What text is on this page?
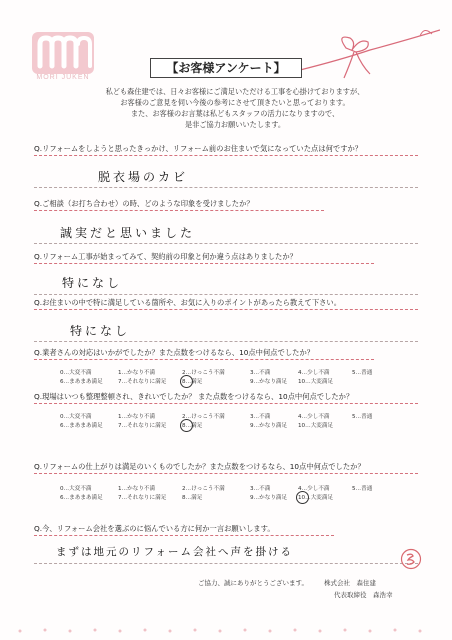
MORI JUKEN
【お客様アンケート】
私ども森住建では、日々お客様にご満足いただける工事を心掛けておりますが、
お客様のご意見を伺い今後の参考にさせて頂きたいと思っております。
また、お客様のお言葉は私どもスタッフの活力になりますので、
是非ご協力お願いいたします。
Q.リフォームをしようと思ったきっかけ、リフォーム前のお住まいで気になっていた点は何ですか？
脱衣場のカビ
Q.ご相談（お打ち合わせ）の時、どのような印象を受けましたか？
誠実だと思いました
Q.リフォーム工事が始まってみて、契約前の印象と何か違う点はありましたか？
特になし
Q.お住まいの中で特に満足している箇所や、お気に入りのポイントがあったら教えて下さい。
特になし
Q.業者さんの対応はいかがでしたか？また点数をつけるなら、10点中何点でしたか？
0…大変不満	1…かなり不満	2…けっこう不満	3…不満	4…少し不満	5…普通
6…まあまあ満足	7…それなりに満足	8…満足	9…かなり満足 10…大変満足
Q.現場はいつも整理整頓され、きれいでしたか？ また点数をつけるなら、10点中何点でしたか？
0…大変不満	1…かなり不満	2…けっこう不満	3…不満	4…少し不満	5…普通
6…まあまあ満足	7…それなりに満足	8…満足	9…かなり満足 10…大変満足
Q.リフォームの仕上がりは満足のいくものでしたか？また点数をつけるなら、10点中何点でしたか？
0…大変不満	1…かなり不満	2…けっこう不満	3…不満	4…少し不満	5…普通
6…まあまあ満足	7…それなりに満足	8…満足	9…かなり満足 10…大変満足
Q.今、リフォーム会社を選ぶのに悩んでいる方に何か一言お願いします。
まずは地元のリフォーム会社へ声を掛ける
ご協力、誠にありがとうございます。 株式会社　森住建
代表取締役　森浩幸
